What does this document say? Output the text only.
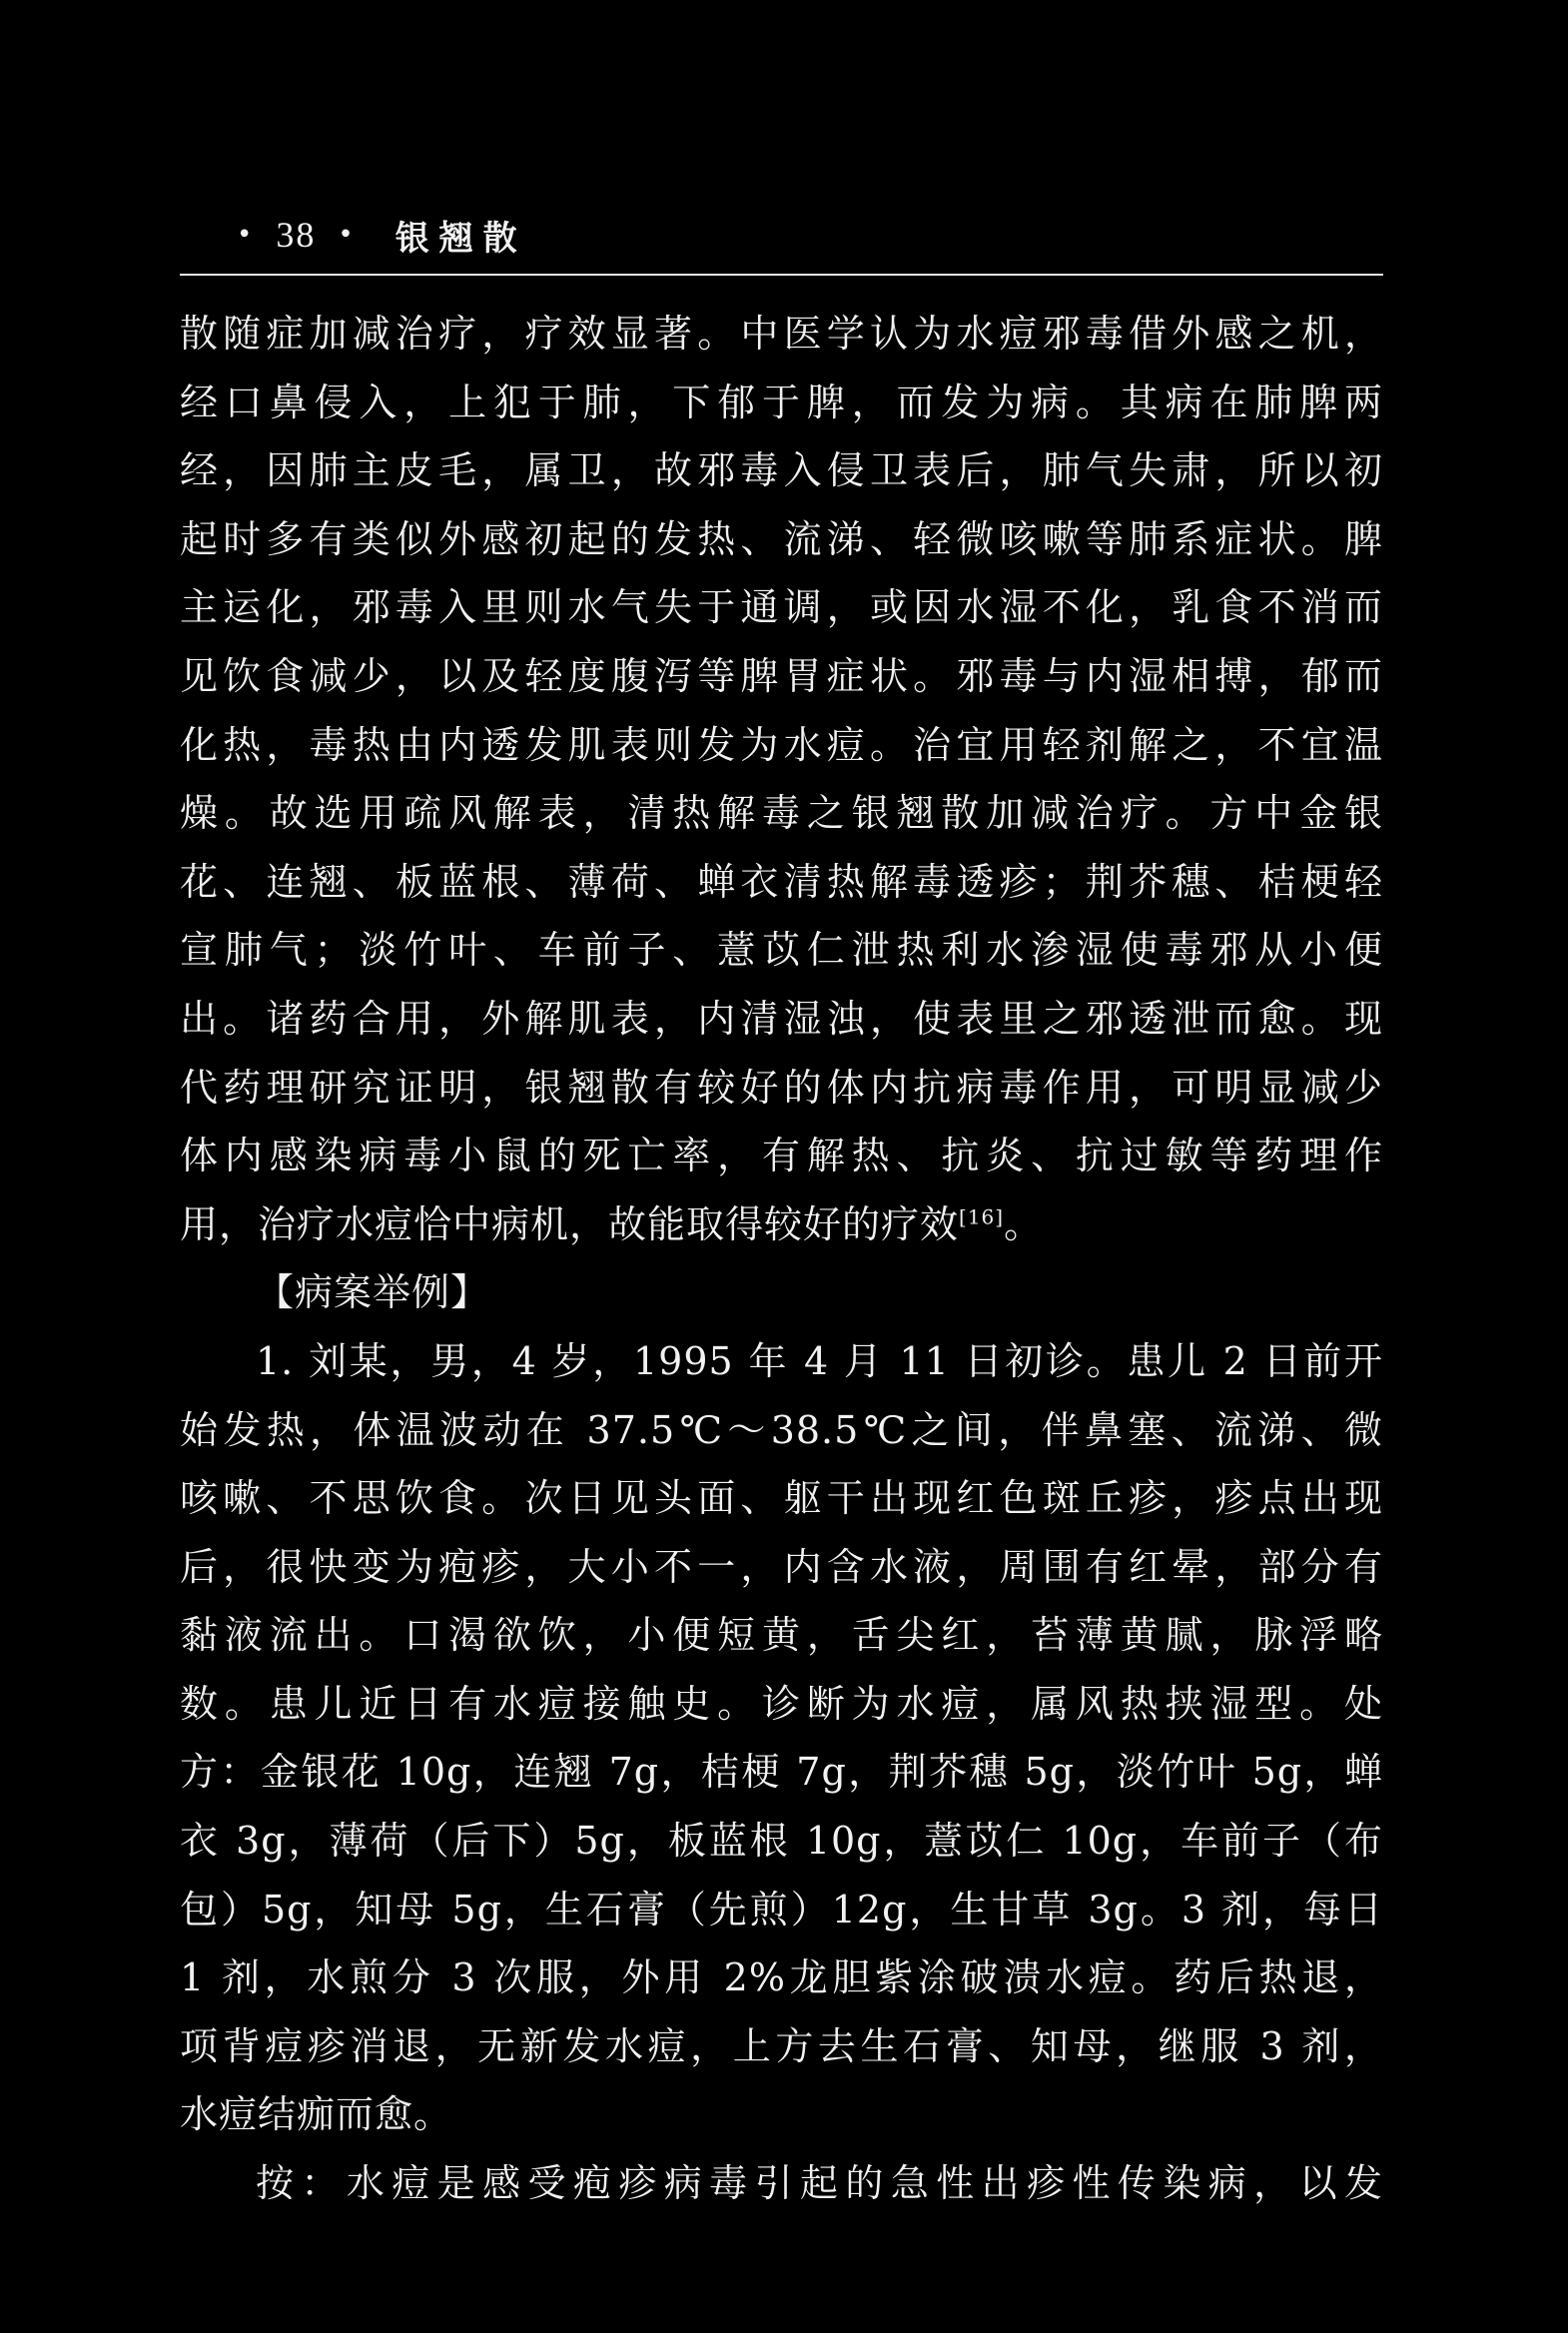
• 38 • 银翘散
散随症加减治疗，疗效显著。中医学认为水痘邪毒借外感之机，
经口鼻侵入，上犯于肺，下郁于脾，而发为病。其病在肺脾两
经，因肺主皮毛，属卫，故邪毒入侵卫表后，肺气失肃，所以初
起时多有类似外感初起的发热、流涕、轻微咳嗽等肺系症状。脾
主运化，邪毒入里则水气失于通调，或因水湿不化，乳食不消而
见饮食减少，以及轻度腹泻等脾胃症状。邪毒与内湿相搏，郁而
化热，毒热由内透发肌表则发为水痘。治宜用轻剂解之，不宜温
燥。故选用疏风解表，清热解毒之银翘散加减治疗。方中金银
花、连翘、板蓝根、薄荷、蝉衣清热解毒透疹；荆芥穗、桔梗轻
宣肺气；淡竹叶、车前子、薏苡仁泄热利水渗湿使毒邪从小便
出。诸药合用，外解肌表，内清湿浊，使表里之邪透泄而愈。现
代药理研究证明，银翘散有较好的体内抗病毒作用，可明显减少
体内感染病毒小鼠的死亡率，有解热、抗炎、抗过敏等药理作
用，治疗水痘恰中病机，故能取得较好的疗效[16]。
【病案举例】
1. 刘某，男，4 岁，1995 年 4 月 11 日初诊。患儿 2 日前开
始发热，体温波动在 37.5℃～38.5℃之间，伴鼻塞、流涕、微
咳嗽、不思饮食。次日见头面、躯干出现红色斑丘疹，疹点出现
后，很快变为疱疹，大小不一，内含水液，周围有红晕，部分有
黏液流出。口渴欲饮，小便短黄，舌尖红，苔薄黄腻，脉浮略
数。患儿近日有水痘接触史。诊断为水痘，属风热挟湿型。处
方：金银花 10g，连翘 7g，桔梗 7g，荆芥穗 5g，淡竹叶 5g，蝉
衣 3g，薄荷（后下）5g，板蓝根 10g，薏苡仁 10g，车前子（布
包）5g，知母 5g，生石膏（先煎）12g，生甘草 3g。3 剂，每日
1 剂，水煎分 3 次服，外用 2%龙胆紫涂破溃水痘。药后热退，
项背痘疹消退，无新发水痘，上方去生石膏、知母，继服 3 剂，
水痘结痂而愈。
按：水痘是感受疱疹病毒引起的急性出疹性传染病，以发
